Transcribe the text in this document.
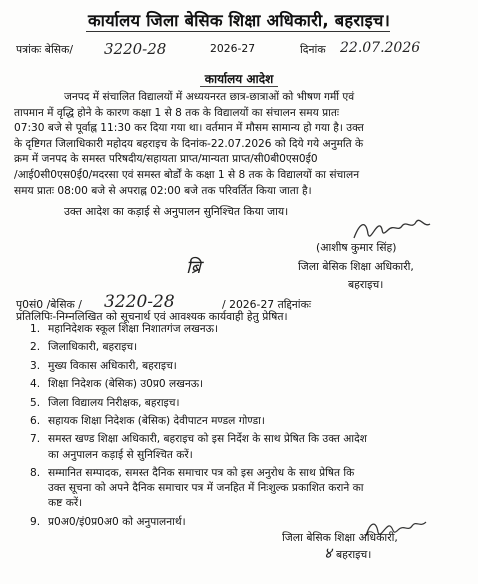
कार्यालय जिला बेसिक शिक्षा अधिकारी, बहराइच।
पत्रांकः बेसिक/ 3220-28	2026-27	दिनांक 22.07.2026
कार्यालय आदेश
जनपद में संचालित विद्यालयों में अध्ययनरत छात्र-छात्राओं को भीषण गर्मी एवं
तापमान में वृद्धि होने के कारण कक्षा 1 से 8 तक के विद्यालयों का संचालन समय प्रातः
07:30 बजे से पूर्वाह्न 11:30 कर दिया गया था। वर्तमान में मौसम सामान्य हो गया है। उक्त
के दृष्टिगत जिलाधिकारी महोदय बहराइच के दिनांक-22.07.2026 को दिये गये अनुमति के
क्रम में जनपद के समस्त परिषदीय/सहायता प्राप्त/मान्यता प्राप्त/सी0बी0एस0ई0
/आई0सी0एस0ई0/मदरसा एवं समस्त बोर्डों के कक्षा 1 से 8 तक के विद्यालयों का संचालन
समय प्रातः 08:00 बजे से अपराह्न 02:00 बजे तक परिवर्तित किया जाता है।
उक्त आदेश का कड़ाई से अनुपालन सुनिश्चित किया जाय।
(आशीष कुमार सिंह)
ब्रि	जिला बेसिक शिक्षा अधिकारी,
बहराइच।
पृ0सं0 /बेसिक / 3220-28	/ 2026-27 तद्दिनांकः
प्रतिलिपिः-निम्नलिखित को सूचनार्थ एवं आवश्यक कार्यवाही हेतु प्रेषित।
1. महानिदेशक स्कूल शिक्षा निशातगंज लखनऊ।
2. जिलाधिकारी, बहराइच।
3. मुख्य विकास अधिकारी, बहराइच।
4. शिक्षा निदेशक (बेसिक) उ0प्र0 लखनऊ।
5. जिला विद्यालय निरीक्षक, बहराइच।
6. सहायक शिक्षा निदेशक (बेसिक) देवीपाटन मण्डल गोण्डा।
7. समस्त खण्ड शिक्षा अधिकारी, बहराइच को इस निर्देश के साथ प्रेषित कि उक्त आदेश
का अनुपालन कड़ाई से सुनिश्चित करें।
8. सम्मानित सम्पादक, समस्त दैनिक समाचार पत्र को इस अनुरोध के साथ प्रेषित कि
उक्त सूचना को अपने दैनिक समाचार पत्र में जनहित में निःशुल्क प्रकाशित कराने का
कष्ट करें।
9. प्र0अ0/इं0प्र0अ0 को अनुपालनार्थ।
जिला बेसिक शिक्षा अधिकारी,
४ बहराइच।
